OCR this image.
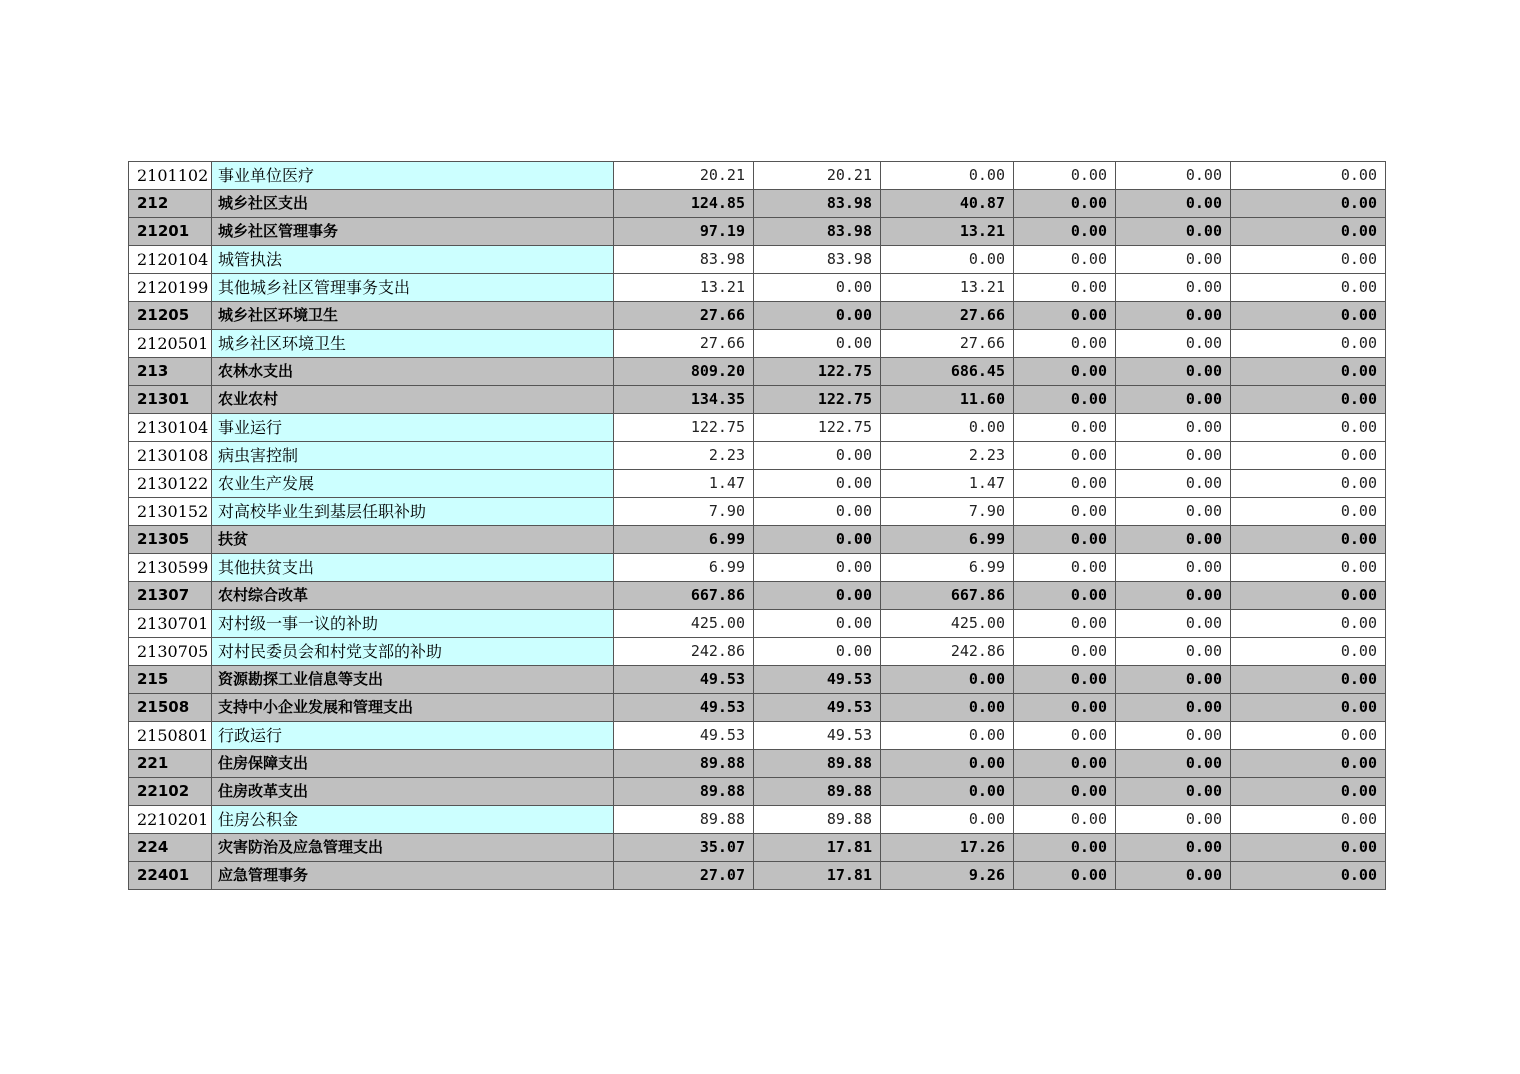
2101102	事业单位医疗	20.21	20.21	0.00	0.00	0.00	0.00
212	城乡社区支出	124.85	83.98	40.87	0.00	0.00	0.00
21201	城乡社区管理事务	97.19	83.98	13.21	0.00	0.00	0.00
2120104	城管执法	83.98	83.98	0.00	0.00	0.00	0.00
2120199	其他城乡社区管理事务支出	13.21	0.00	13.21	0.00	0.00	0.00
21205	城乡社区环境卫生	27.66	0.00	27.66	0.00	0.00	0.00
2120501	城乡社区环境卫生	27.66	0.00	27.66	0.00	0.00	0.00
213	农林水支出	809.20	122.75	686.45	0.00	0.00	0.00
21301	农业农村	134.35	122.75	11.60	0.00	0.00	0.00
2130104	事业运行	122.75	122.75	0.00	0.00	0.00	0.00
2130108	病虫害控制	2.23	0.00	2.23	0.00	0.00	0.00
2130122	农业生产发展	1.47	0.00	1.47	0.00	0.00	0.00
2130152	对高校毕业生到基层任职补助	7.90	0.00	7.90	0.00	0.00	0.00
21305	扶贫	6.99	0.00	6.99	0.00	0.00	0.00
2130599	其他扶贫支出	6.99	0.00	6.99	0.00	0.00	0.00
21307	农村综合改革	667.86	0.00	667.86	0.00	0.00	0.00
2130701	对村级一事一议的补助	425.00	0.00	425.00	0.00	0.00	0.00
2130705	对村民委员会和村党支部的补助	242.86	0.00	242.86	0.00	0.00	0.00
215	资源勘探工业信息等支出	49.53	49.53	0.00	0.00	0.00	0.00
21508	支持中小企业发展和管理支出	49.53	49.53	0.00	0.00	0.00	0.00
2150801	行政运行	49.53	49.53	0.00	0.00	0.00	0.00
221	住房保障支出	89.88	89.88	0.00	0.00	0.00	0.00
22102	住房改革支出	89.88	89.88	0.00	0.00	0.00	0.00
2210201	住房公积金	89.88	89.88	0.00	0.00	0.00	0.00
224	灾害防治及应急管理支出	35.07	17.81	17.26	0.00	0.00	0.00
22401	应急管理事务	27.07	17.81	9.26	0.00	0.00	0.00
